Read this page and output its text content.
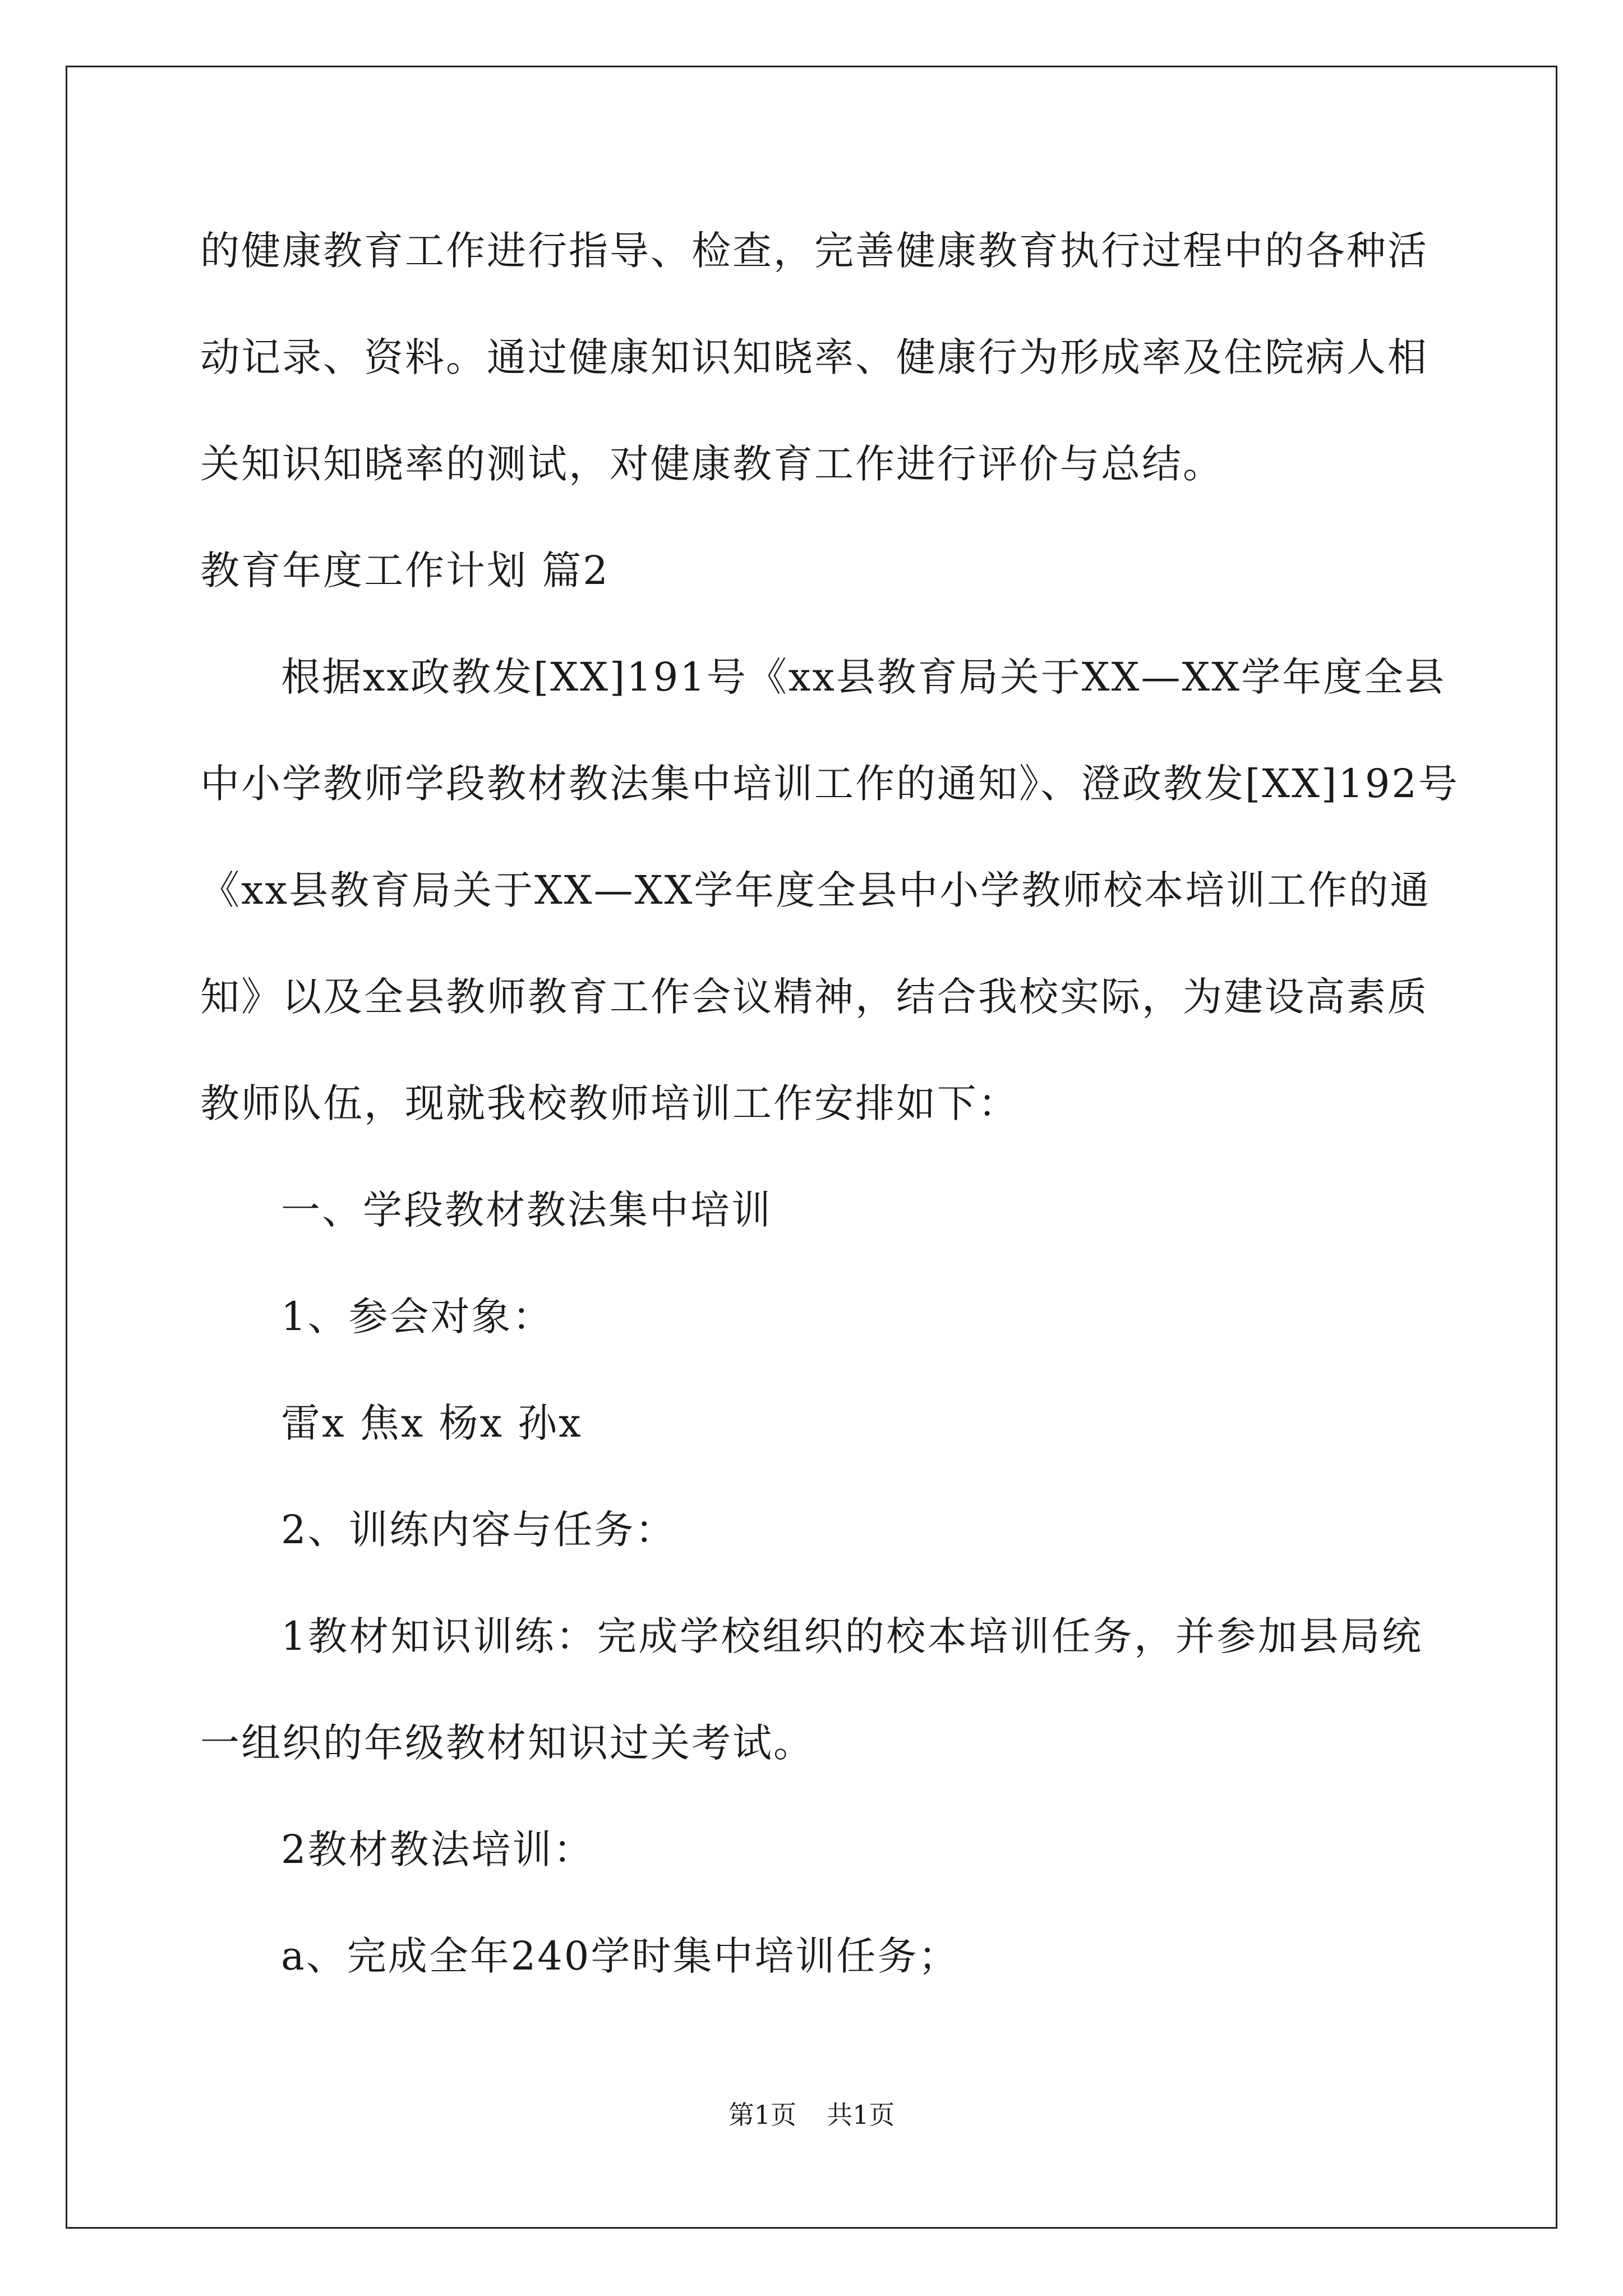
的健康教育工作进行指导、检查，完善健康教育执行过程中的各种活
动记录、资料。通过健康知识知晓率、健康行为形成率及住院病人相
关知识知晓率的测试，对健康教育工作进行评价与总结。
教育年度工作计划 篇2
根据xx政教发[XX]191号《xx县教育局关于XX—XX学年度全县
中小学教师学段教材教法集中培训工作的通知》、澄政教发[XX]192号
《xx县教育局关于XX—XX学年度全县中小学教师校本培训工作的通
知》以及全县教师教育工作会议精神，结合我校实际，为建设高素质
教师队伍，现就我校教师培训工作安排如下：
一、学段教材教法集中培训
1、参会对象：
雷x 焦x 杨x 孙x
2、训练内容与任务：
1教材知识训练：完成学校组织的校本培训任务，并参加县局统
一组织的年级教材知识过关考试。
2教材教法培训：
a、完成全年240学时集中培训任务；
第1页 共1页
